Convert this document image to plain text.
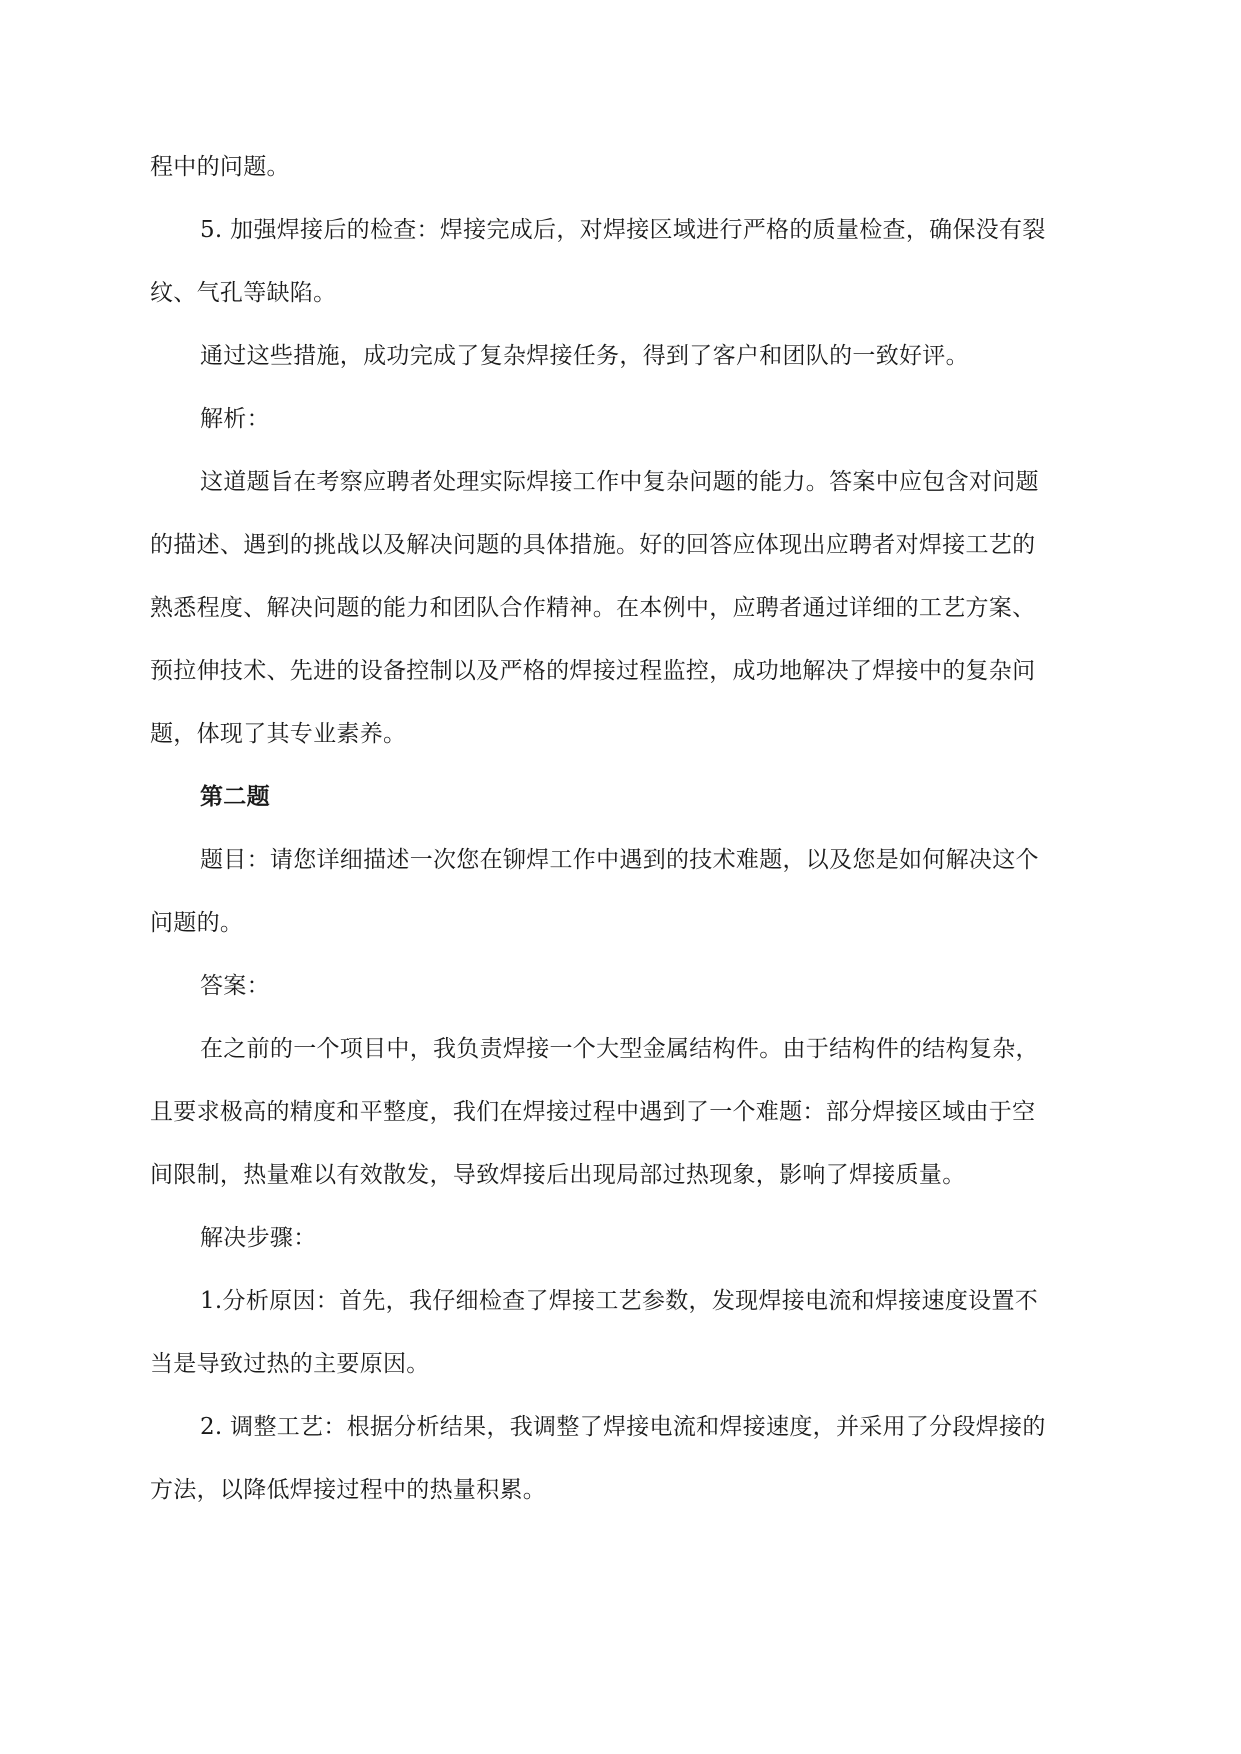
程中的问题。

5. 加强焊接后的检查：焊接完成后，对焊接区域进行严格的质量检查，确保没有裂
纹、气孔等缺陷。

通过这些措施，成功完成了复杂焊接任务，得到了客户和团队的一致好评。

解析：

这道题旨在考察应聘者处理实际焊接工作中复杂问题的能力。答案中应包含对问题
的描述、遇到的挑战以及解决问题的具体措施。好的回答应体现出应聘者对焊接工艺的
熟悉程度、解决问题的能力和团队合作精神。在本例中，应聘者通过详细的工艺方案、
预拉伸技术、先进的设备控制以及严格的焊接过程监控，成功地解决了焊接中的复杂问
题，体现了其专业素养。

第二题

题目：请您详细描述一次您在铆焊工作中遇到的技术难题，以及您是如何解决这个
问题的。

答案：

在之前的一个项目中，我负责焊接一个大型金属结构件。由于结构件的结构复杂，
且要求极高的精度和平整度，我们在焊接过程中遇到了一个难题：部分焊接区域由于空
间限制，热量难以有效散发，导致焊接后出现局部过热现象，影响了焊接质量。

解决步骤：

1.分析原因：首先，我仔细检查了焊接工艺参数，发现焊接电流和焊接速度设置不
当是导致过热的主要原因。

2. 调整工艺：根据分析结果，我调整了焊接电流和焊接速度，并采用了分段焊接的
方法，以降低焊接过程中的热量积累。
